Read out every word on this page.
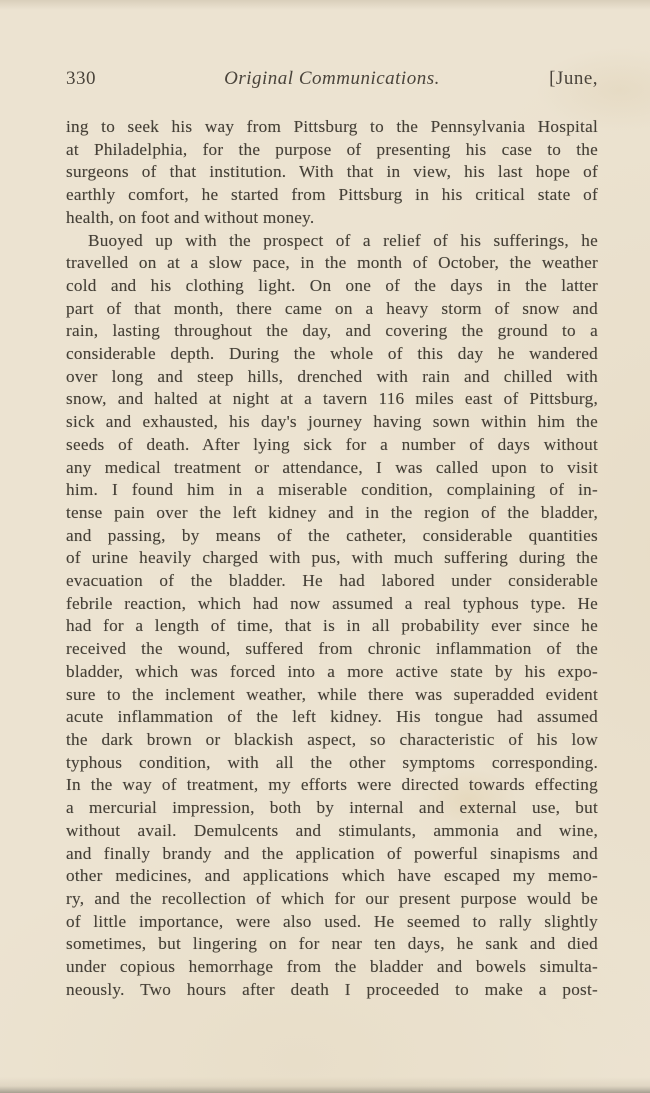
330	Original Communications.	[June,
ing to seek his way from Pittsburg to the Pennsylvania Hospital
at Philadelphia, for the purpose of presenting his case to the
surgeons of that institution. With that in view, his last hope of
earthly comfort, he started from Pittsburg in his critical state of
health, on foot and without money.
Buoyed up with the prospect of a relief of his sufferings, he
travelled on at a slow pace, in the month of October, the weather
cold and his clothing light. On one of the days in the latter
part of that month, there came on a heavy storm of snow and
rain, lasting throughout the day, and covering the ground to a
considerable depth. During the whole of this day he wandered
over long and steep hills, drenched with rain and chilled with
snow, and halted at night at a tavern 116 miles east of Pittsburg,
sick and exhausted, his day's journey having sown within him the
seeds of death. After lying sick for a number of days without
any medical treatment or attendance, I was called upon to visit
him. I found him in a miserable condition, complaining of in-
tense pain over the left kidney and in the region of the bladder,
and passing, by means of the catheter, considerable quantities
of urine heavily charged with pus, with much suffering during the
evacuation of the bladder. He had labored under considerable
febrile reaction, which had now assumed a real typhous type. He
had for a length of time, that is in all probability ever since he
received the wound, suffered from chronic inflammation of the
bladder, which was forced into a more active state by his expo-
sure to the inclement weather, while there was superadded evident
acute inflammation of the left kidney. His tongue had assumed
the dark brown or blackish aspect, so characteristic of his low
typhous condition, with all the other symptoms corresponding.
In the way of treatment, my efforts were directed towards effecting
a mercurial impression, both by internal and external use, but
without avail. Demulcents and stimulants, ammonia and wine,
and finally brandy and the application of powerful sinapisms and
other medicines, and applications which have escaped my memo-
ry, and the recollection of which for our present purpose would be
of little importance, were also used. He seemed to rally slightly
sometimes, but lingering on for near ten days, he sank and died
under copious hemorrhage from the bladder and bowels simulta-
neously. Two hours after death I proceeded to make a post-
